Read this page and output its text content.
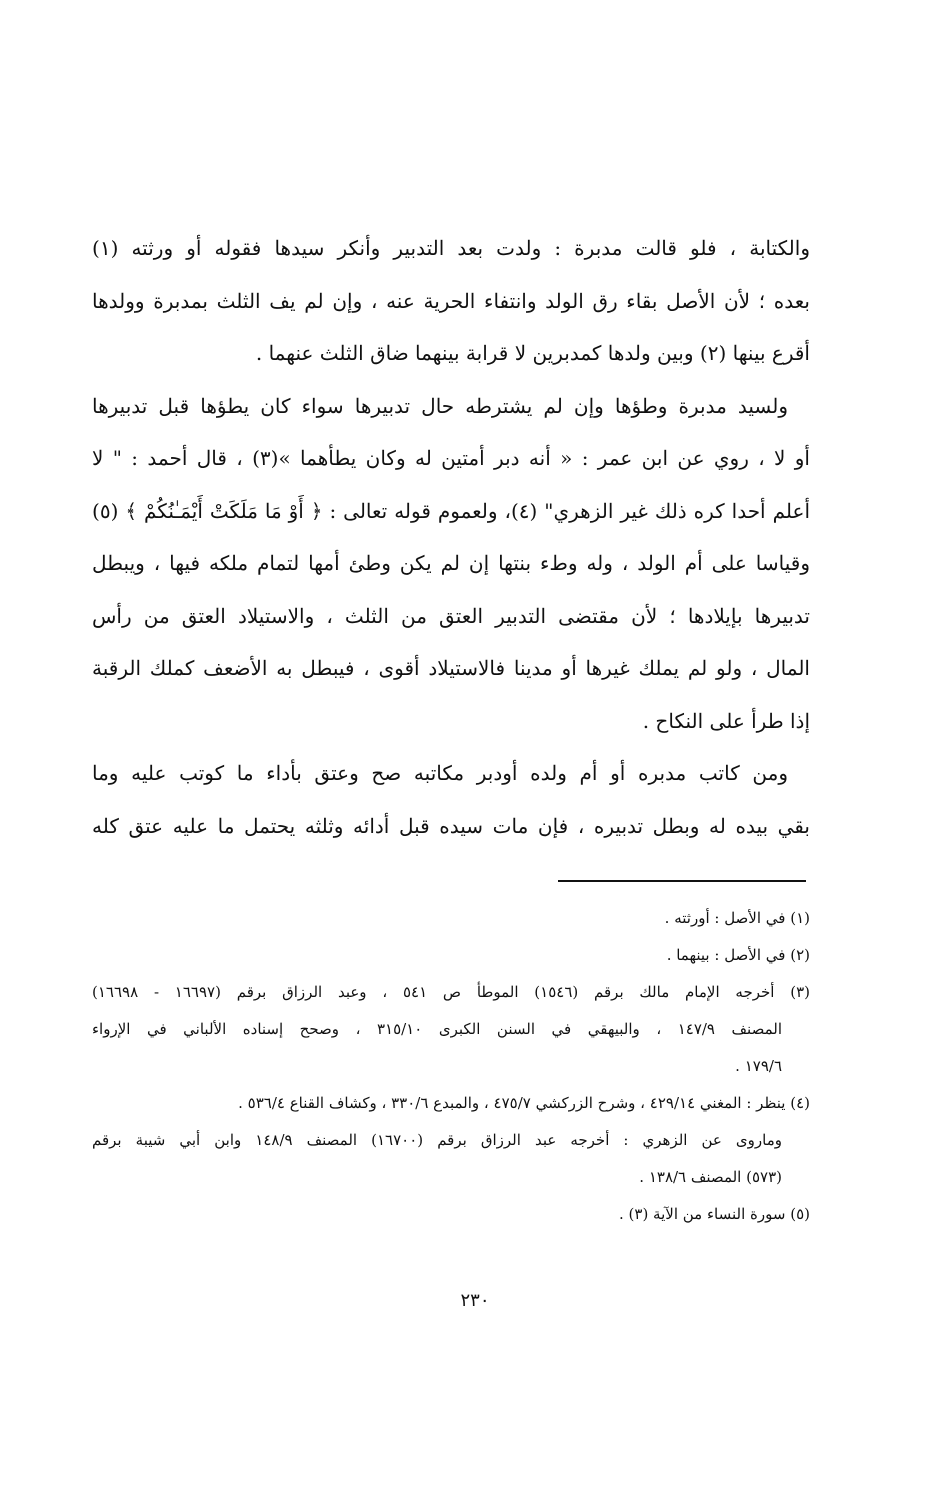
والكتابة ، فلو قالت مدبرة : ولدت بعد التدبير وأنكر سيدها فقوله أو ورثته (١)
بعده ؛ لأن الأصل بقاء رق الولد وانتفاء الحرية عنه ، وإن لم يف الثلث بمدبرة وولدها
أقرع بينها (٢) وبين ولدها كمدبرين لا قرابة بينهما ضاق الثلث عنهما .
ولسيد مدبرة وطؤها وإن لم يشترطه حال تدبيرها سواء كان يطؤها قبل تدبيرها
أو لا ، روي عن ابن عمر : « أنه دبر أمتين له وكان يطأهما »(٣) ، قال أحمد : " لا
أعلم أحدا كره ذلك غير الزهري" (٤)، ولعموم قوله تعالى : ﴿ أَوْ مَا مَلَكَتْ أَيْمَـٰنُكُمْ ﴾ (٥)
وقياسا على أم الولد ، وله وطء بنتها إن لم يكن وطئ أمها لتمام ملكه فيها ، ويبطل
تدبيرها بإيلادها ؛ لأن مقتضى التدبير العتق من الثلث ، والاستيلاد العتق من رأس
المال ، ولو لم يملك غيرها أو مدينا فالاستيلاد أقوى ، فيبطل به الأضعف كملك الرقبة
إذا طرأ على النكاح .
ومن كاتب مدبره أو أم ولده أودبر مكاتبه صح وعتق بأداء ما كوتب عليه وما
بقي بيده له وبطل تدبيره ، فإن مات سيده قبل أدائه وثلثه يحتمل ما عليه عتق كله
(١) في الأصل : أورثته .
(٢) في الأصل : بينهما .
(٣) أخرجه الإمام مالك برقم (١٥٤٦) الموطأ ص ٥٤١ ، وعبد الرزاق برقم (١٦٦٩٧ - ١٦٦٩٨)
المصنف ١٤٧/٩ ، والبيهقي في السنن الكبرى ٣١٥/١٠ ، وصحح إسناده الألباني في الإرواء
١٧٩/٦ .
(٤) ينظر : المغني ٤٢٩/١٤ ، وشرح الزركشي ٤٧٥/٧ ، والمبدع ٣٣٠/٦ ، وكشاف القناع ٥٣٦/٤ .
وماروى عن الزهري : أخرجه عبد الرزاق برقم (١٦٧٠٠) المصنف ١٤٨/٩ وابن أبي شيبة برقم
(٥٧٣) المصنف ١٣٨/٦ .
(٥) سورة النساء من الآية (٣) .
٢٣٠
